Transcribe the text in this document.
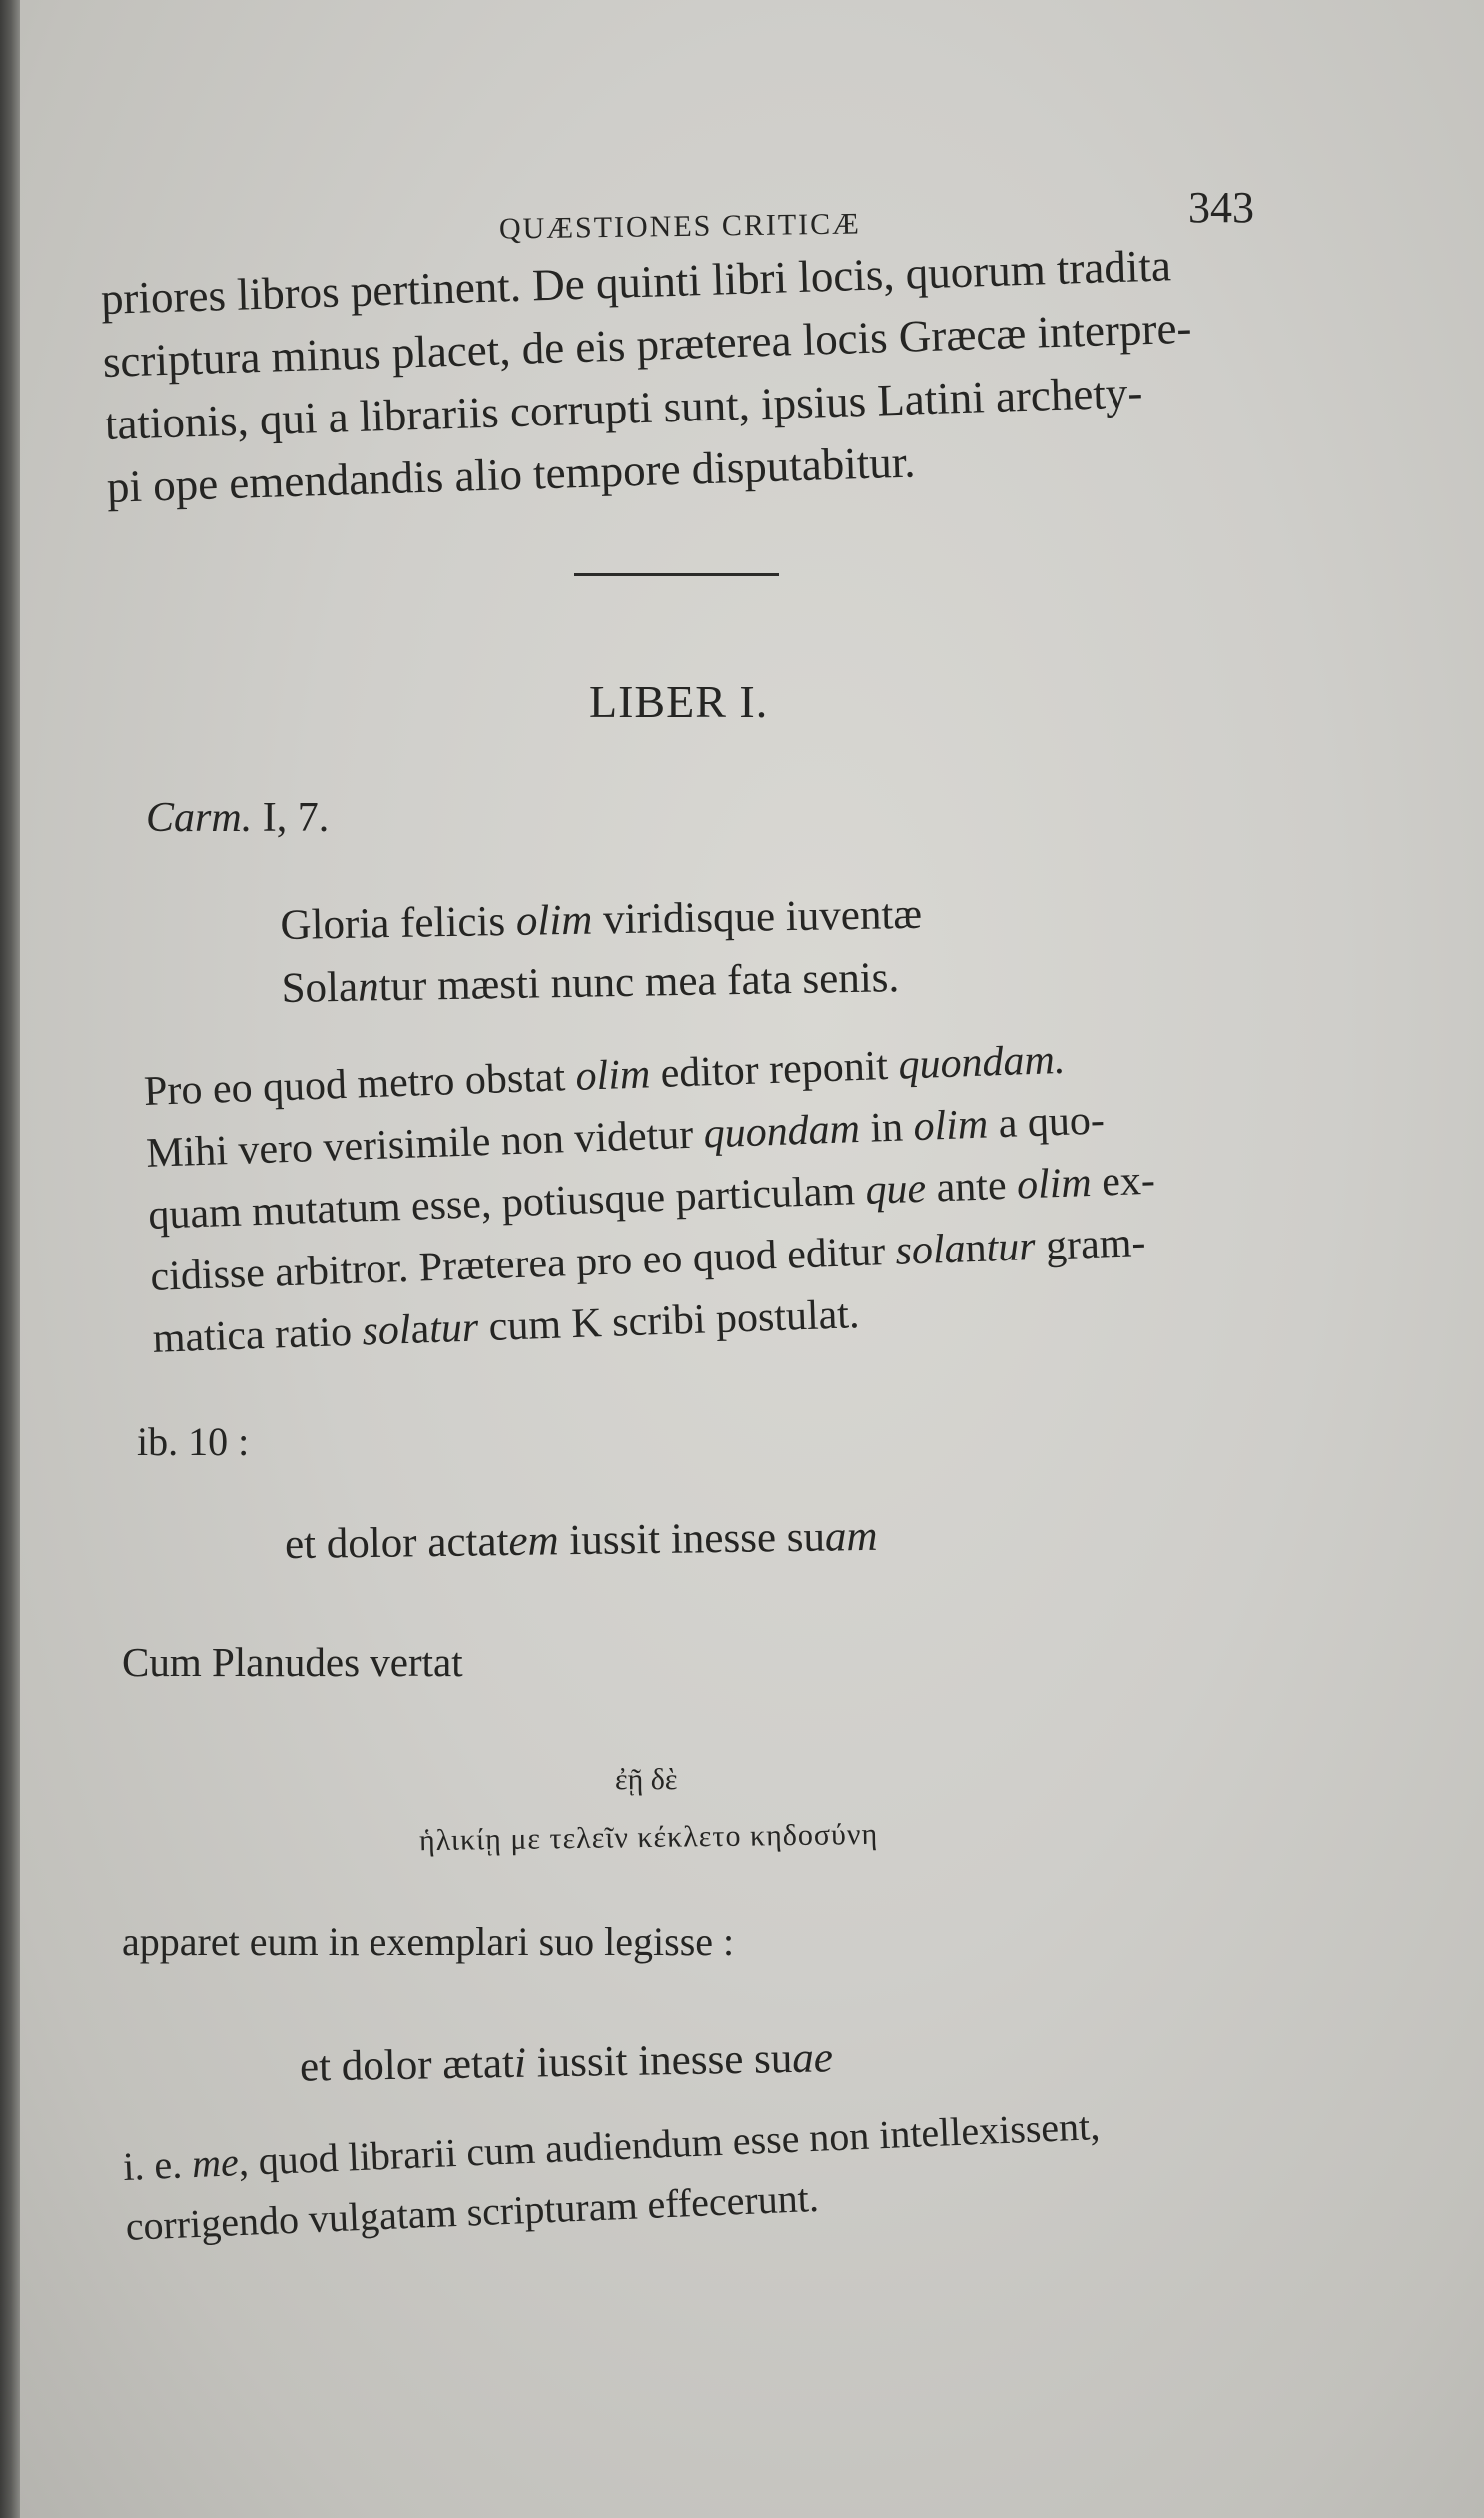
QUÆSTIONES CRITICÆ	343
priores libros pertinent. De quinti libri locis, quorum tradita
scriptura minus placet, de eis præterea locis Græcæ interpre-
tationis, qui a librariis corrupti sunt, ipsius Latini archety-
pi ope emendandis alio tempore disputabitur.
LIBER I.
Carm. I, 7.
Gloria felicis olim viridisque iuventæ
Solantur mæsti nunc mea fata senis.
Pro eo quod metro obstat olim editor reponit quondam.
Mihi vero verisimile non videtur quondam in olim a quo-
quam mutatum esse, potiusque particulam que ante olim ex-
cidisse arbitror. Præterea pro eo quod editur solantur gram-
matica ratio solatur cum K scribi postulat.
ib. 10 :
et dolor actatem iussit inesse suam
Cum Planudes vertat
ἐῇ δὲ
ἡλικίῃ με τελεῖν κέκλετο κηδοσύνη
apparet eum in exemplari suo legisse :
et dolor ætati iussit inesse suae
i. e. me, quod librarii cum audiendum esse non intellexissent,
corrigendo vulgatam scripturam effecerunt.
